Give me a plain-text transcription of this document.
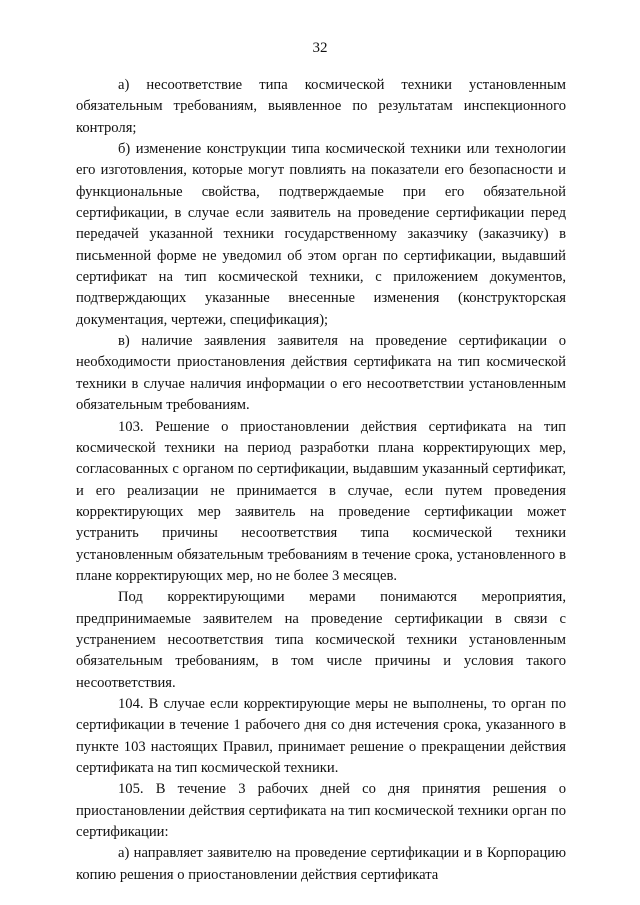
32

а) несоответствие типа космической техники установленным обязательным требованиям, выявленное по результатам инспекционного контроля;

б) изменение конструкции типа космической техники или технологии его изготовления, которые могут повлиять на показатели его безопасности и функциональные свойства, подтверждаемые при его обязательной сертификации, в случае если заявитель на проведение сертификации перед передачей указанной техники государственному заказчику (заказчику) в письменной форме не уведомил об этом орган по сертификации, выдавший сертификат на тип космической техники, с приложением документов, подтверждающих указанные внесенные изменения (конструкторская документация, чертежи, спецификация);

в) наличие заявления заявителя на проведение сертификации о необходимости приостановления действия сертификата на тип космической техники в случае наличия информации о его несоответствии установленным обязательным требованиям.

103. Решение о приостановлении действия сертификата на тип космической техники на период разработки плана корректирующих мер, согласованных с органом по сертификации, выдавшим указанный сертификат, и его реализации не принимается в случае, если путем проведения корректирующих мер заявитель на проведение сертификации может устранить причины несоответствия типа космической техники установленным обязательным требованиям в течение срока, установленного в плане корректирующих мер, но не более 3 месяцев.

Под корректирующими мерами понимаются мероприятия, предпринимаемые заявителем на проведение сертификации в связи с устранением несоответствия типа космической техники установленным обязательным требованиям, в том числе причины и условия такого несоответствия.

104. В случае если корректирующие меры не выполнены, то орган по сертификации в течение 1 рабочего дня со дня истечения срока, указанного в пункте 103 настоящих Правил, принимает решение о прекращении действия сертификата на тип космической техники.

105. В течение 3 рабочих дней со дня принятия решения о приостановлении действия сертификата на тип космической техники орган по сертификации:

а) направляет заявителю на проведение сертификации и в Корпорацию копию решения о приостановлении действия сертификата
